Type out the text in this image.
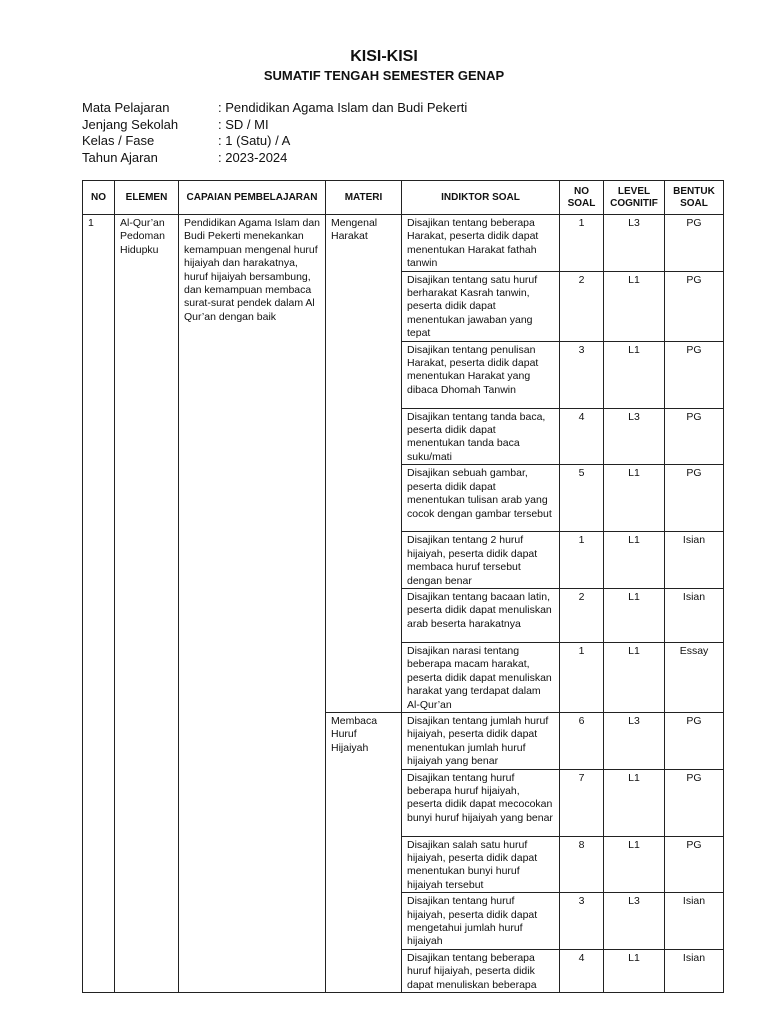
KISI-KISI
SUMATIF TENGAH SEMESTER GENAP
Mata Pelajaran	: Pendidikan Agama Islam dan Budi Pekerti
Jenjang Sekolah	: SD / MI
Kelas / Fase	: 1 (Satu) / A
Tahun Ajaran	: 2023-2024
NO	ELEMEN	CAPAIAN PEMBELAJARAN	MATERI	INDIKTOR SOAL	NO SOAL	LEVEL COGNITIF	BENTUK SOAL
1	Al-Qur’an Pedoman Hidupku	Pendidikan Agama Islam dan Budi Pekerti menekankan kemampuan mengenal huruf hijaiyah dan harakatnya, huruf hijaiyah bersambung, dan kemampuan membaca surat-surat pendek dalam Al Qur’an dengan baik	Mengenal Harakat	Disajikan tentang beberapa Harakat, peserta didik dapat menentukan Harakat fathah tanwin	1	L3	PG
				Disajikan tentang satu huruf berharakat Kasrah tanwin, peserta didik dapat menentukan jawaban yang tepat	2	L1	PG
				Disajikan tentang penulisan Harakat, peserta didik dapat menentukan Harakat yang dibaca Dhomah Tanwin	3	L1	PG
				Disajikan tentang tanda baca, peserta didik dapat menentukan tanda baca suku/mati	4	L3	PG
				Disajikan sebuah gambar, peserta didik dapat menentukan tulisan arab yang cocok dengan gambar tersebut	5	L1	PG
				Disajikan tentang 2 huruf hijaiyah, peserta didik dapat membaca huruf tersebut dengan benar	1	L1	Isian
				Disajikan tentang bacaan latin, peserta didik dapat menuliskan arab beserta harakatnya	2	L1	Isian
				Disajikan narasi tentang beberapa macam harakat, peserta didik dapat menuliskan harakat yang terdapat dalam Al-Qur’an	1	L1	Essay
			Membaca Huruf Hijaiyah	Disajikan tentang jumlah huruf hijaiyah, peserta didik dapat menentukan jumlah huruf hijaiyah yang benar	6	L3	PG
				Disajikan tentang huruf beberapa huruf hijaiyah, peserta didik dapat mecocokan bunyi huruf hijaiyah yang benar	7	L1	PG
				Disajikan salah satu huruf hijaiyah, peserta didik dapat menentukan bunyi huruf hijaiyah tersebut	8	L1	PG
				Disajikan tentang huruf hijaiyah, peserta didik dapat mengetahui jumlah huruf hijaiyah	3	L3	Isian
				Disajikan tentang beberapa huruf hijaiyah, peserta didik dapat menuliskan beberapa	4	L1	Isian
